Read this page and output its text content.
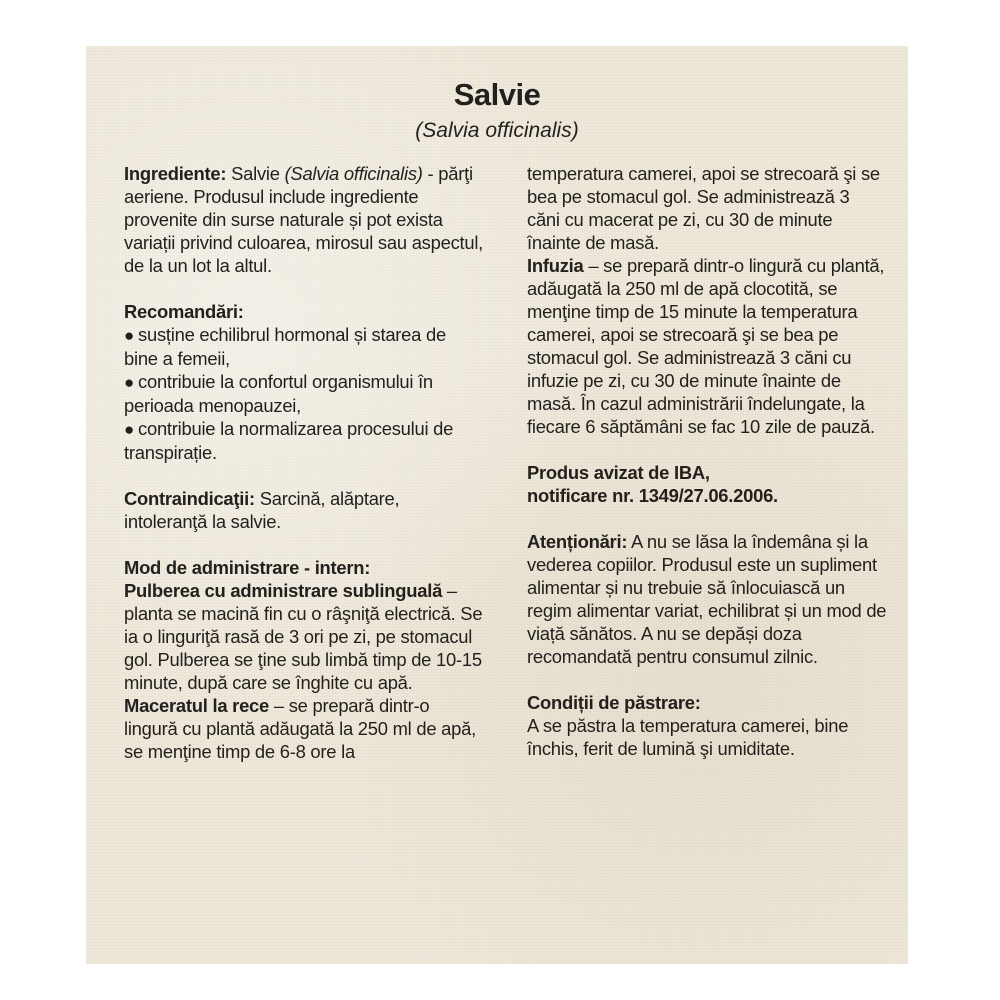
Salvie

(Salvia officinalis)

Ingrediente: Salvie (Salvia officinalis) - părţi aeriene. Produsul include ingrediente provenite din surse naturale și pot exista variații privind culoarea, mirosul sau aspectul, de la un lot la altul.

Recomandări:
● susține echilibrul hormonal și starea de bine a femeii,
● contribuie la confortul organismului în perioada menopauzei,
● contribuie la normalizarea procesului de transpirație.

Contraindicaţii: Sarcină, alăptare, intoleranţă la salvie.

Mod de administrare - intern:
Pulberea cu administrare sublinguală – planta se macină fin cu o râşniţă electrică. Se ia o linguriţă rasă de 3 ori pe zi, pe stomacul gol. Pulberea se ţine sub limbă timp de 10-15 minute, după care se înghite cu apă.
Maceratul la rece – se prepară dintr-o lingură cu plantă adăugată la 250 ml de apă, se menţine timp de 6-8 ore la

temperatura camerei, apoi se strecoară şi se bea pe stomacul gol. Se administrează 3 căni cu macerat pe zi, cu 30 de minute înainte de masă.
Infuzia – se prepară dintr-o lingură cu plantă, adăugată la 250 ml de apă clocotită, se menţine timp de 15 minute la temperatura camerei, apoi se strecoară şi se bea pe stomacul gol. Se administrează 3 căni cu infuzie pe zi, cu 30 de minute înainte de masă. În cazul administrării îndelungate, la fiecare 6 săptămâni se fac 10 zile de pauză.

Produs avizat de IBA,
notificare nr. 1349/27.06.2006.

Atenționări: A nu se lăsa la îndemâna și la vederea copiilor. Produsul este un supliment alimentar și nu trebuie să înlocuiască un regim alimentar variat, echilibrat și un mod de viață sănătos. A nu se depăși doza recomandată pentru consumul zilnic.

Condiții de păstrare:
A se păstra la temperatura camerei, bine închis, ferit de lumină şi umiditate.
